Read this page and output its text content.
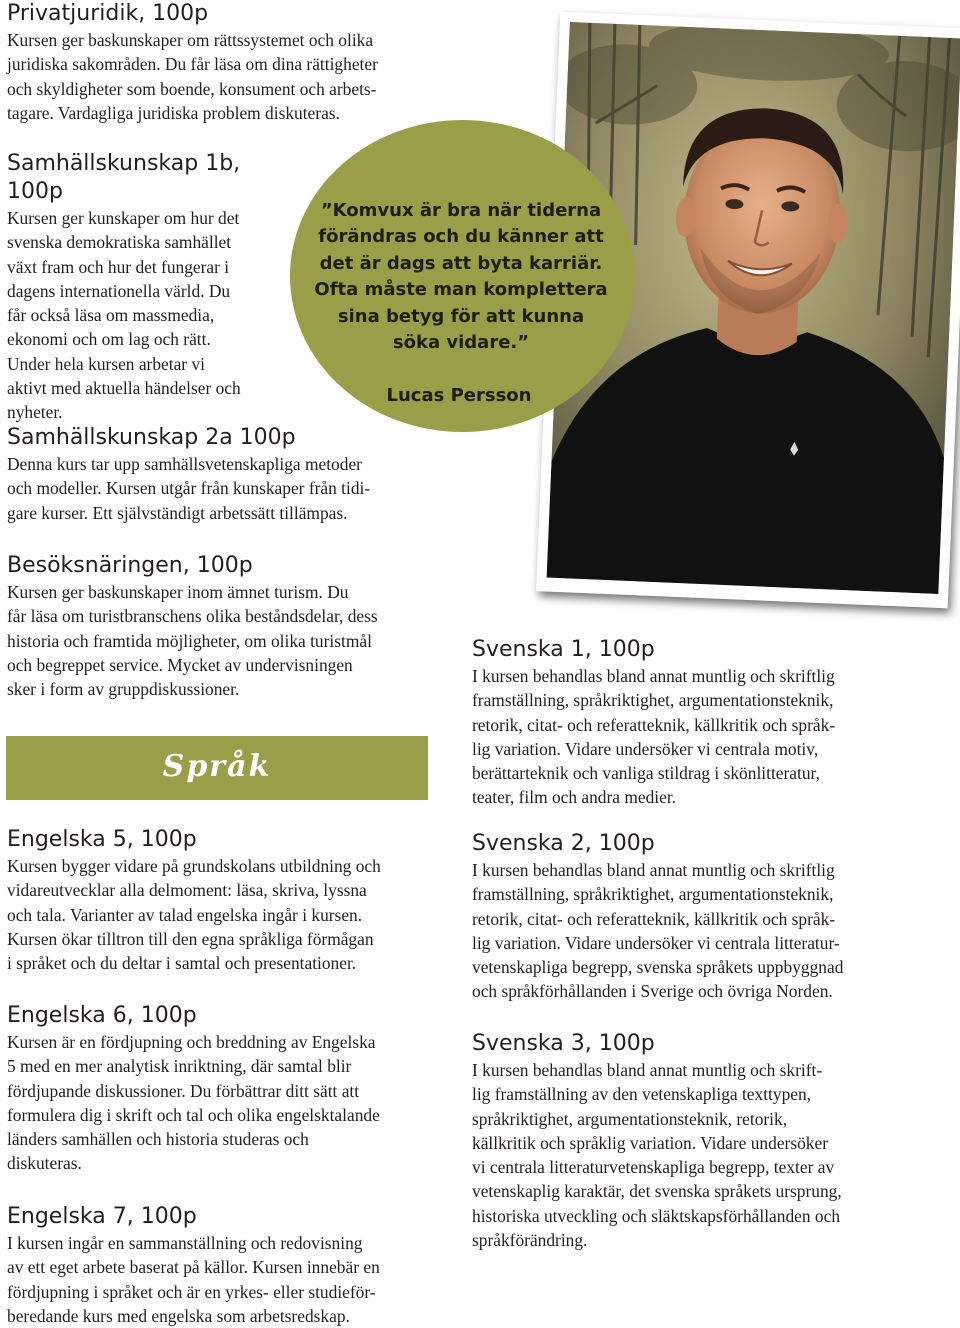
”Komvux är bra när tiderna
förändras och du känner att
det är dags att byta karriär.
Ofta måste man komplettera
sina betyg för att kunna
söka vidare.”
Lucas Persson
Privatjuridik, 100p

Kursen ger baskunskaper om rättssystemet och olika
juridiska sakområden. Du får läsa om dina rättigheter
och skyldigheter som boende, konsument och arbets-
tagare. Vardagliga juridiska problem diskuteras.

Samhällskunskap 1b, 100p

Kursen ger kunskaper om hur det
svenska demokratiska samhället
växt fram och hur det fungerar i
dagens internationella värld. Du
får också läsa om massmedia,
ekonomi och om lag och rätt.
Under hela kursen arbetar vi
aktivt med aktuella händelser och
nyheter.

Samhällskunskap 2a 100p

Denna kurs tar upp samhällsvetenskapliga metoder
och modeller. Kursen utgår från kunskaper från tidi-
gare kurser. Ett självständigt arbetssätt tillämpas.

Besöksnäringen, 100p

Kursen ger baskunskaper inom ämnet turism. Du
får läsa om turistbranschens olika beståndsdelar, dess
historia och framtida möjligheter, om olika turistmål
och begreppet service. Mycket av undervisningen
sker i form av gruppdiskussioner.

Språk
Engelska 5, 100p

Kursen bygger vidare på grundskolans utbildning och
vidareutvecklar alla delmoment: läsa, skriva, lyssna
och tala. Varianter av talad engelska ingår i kursen.
Kursen ökar tilltron till den egna språkliga förmågan
i språket och du deltar i samtal och presentationer.

Engelska 6, 100p

Kursen är en fördjupning och breddning av Engelska
5 med en mer analytisk inriktning, där samtal blir
fördjupande diskussioner. Du förbättrar ditt sätt att
formulera dig i skrift och tal och olika engelsktalande
länders samhällen och historia studeras och
diskuteras.

Engelska 7, 100p

I kursen ingår en sammanställning och redovisning
av ett eget arbete baserat på källor. Kursen innebär en
fördjupning i språket och är en yrkes- eller studieför-
beredande kurs med engelska som arbetsredskap.

Svenska 1, 100p

I kursen behandlas bland annat muntlig och skriftlig
framställning, språkriktighet, argumentationsteknik,
retorik, citat- och referatteknik, källkritik och språk-
lig variation. Vidare undersöker vi centrala motiv,
berättarteknik och vanliga stildrag i skönlitteratur,
teater, film och andra medier.

Svenska 2, 100p

I kursen behandlas bland annat muntlig och skriftlig
framställning, språkriktighet, argumentationsteknik,
retorik, citat- och referatteknik, källkritik och språk-
lig variation. Vidare undersöker vi centrala litteratur-
vetenskapliga begrepp, svenska språkets uppbyggnad
och språkförhållanden i Sverige och övriga Norden.

Svenska 3, 100p

I kursen behandlas bland annat muntlig och skrift-
lig framställning av den vetenskapliga texttypen,
språkriktighet, argumentationsteknik, retorik,
källkritik och språklig variation. Vidare undersöker
vi centrala litteraturvetenskapliga begrepp, texter av
vetenskaplig karaktär, det svenska språkets ursprung,
historiska utveckling och släktskapsförhållanden och
språkförändring.
